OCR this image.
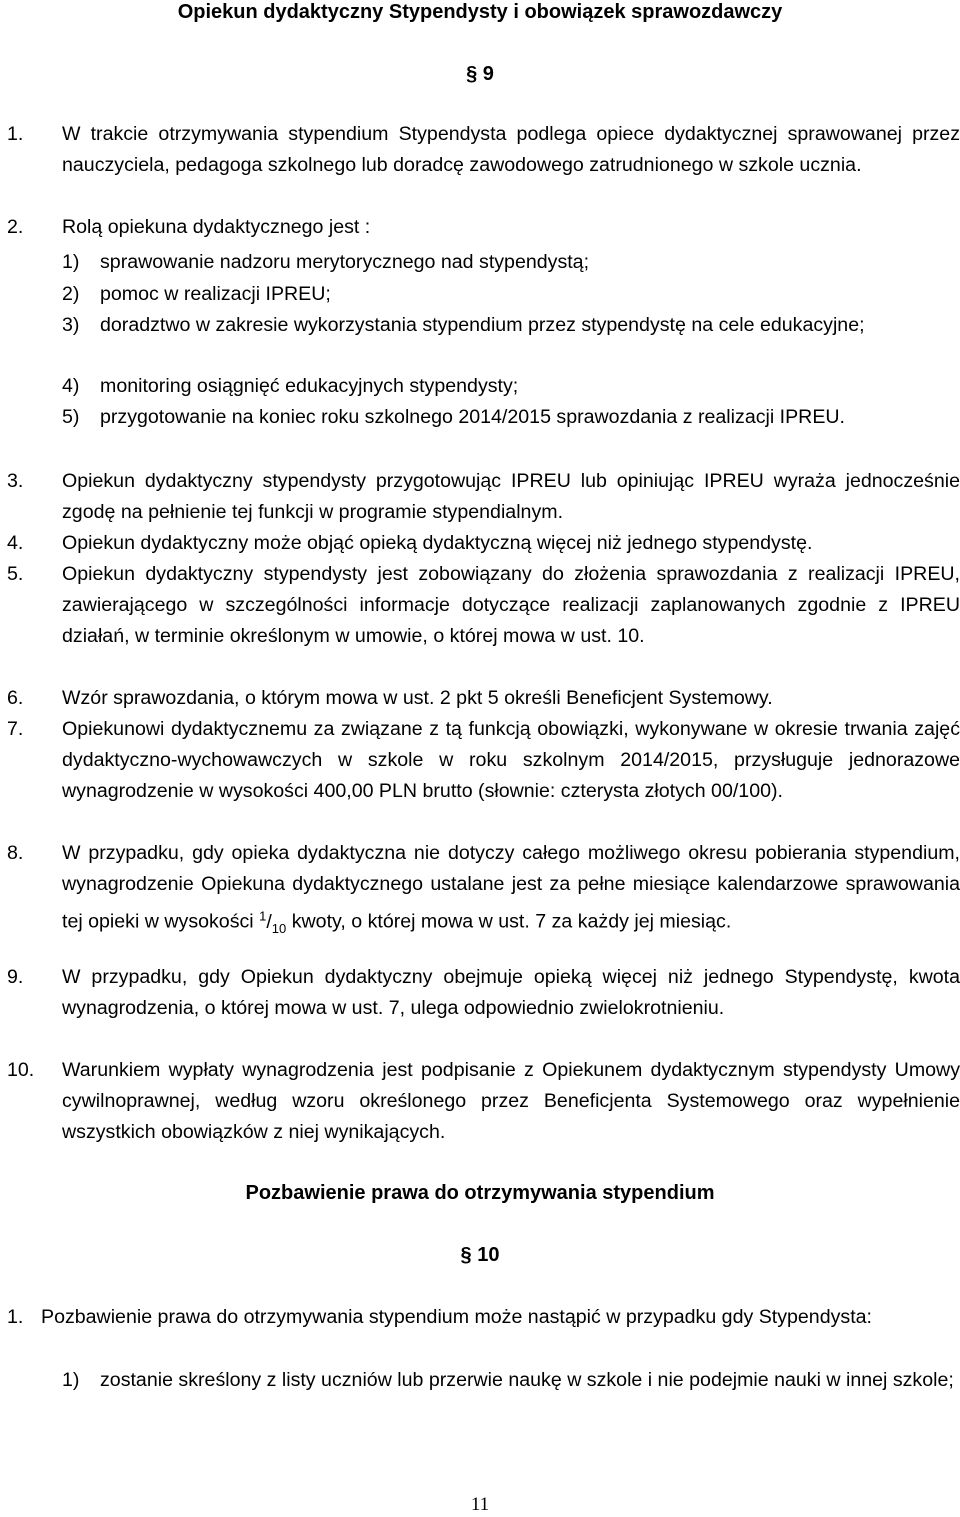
Opiekun dydaktyczny Stypendysty i obowiązek sprawozdawczy
§ 9
1. W trakcie otrzymywania stypendium Stypendysta podlega opiece dydaktycznej sprawowanej przez nauczyciela, pedagoga szkolnego lub doradcę zawodowego zatrudnionego w szkole ucznia.
2. Rolą opiekuna dydaktycznego jest :
1) sprawowanie nadzoru merytorycznego nad stypendystą;
2) pomoc w realizacji IPREU;
3) doradztwo w zakresie wykorzystania stypendium przez stypendystę na cele edukacyjne;
4) monitoring osiągnięć edukacyjnych stypendysty;
5) przygotowanie na koniec roku szkolnego 2014/2015 sprawozdania z realizacji IPREU.
3. Opiekun dydaktyczny stypendysty przygotowując IPREU lub opiniując IPREU wyraża jednocześnie zgodę na pełnienie tej funkcji w programie stypendialnym.
4. Opiekun dydaktyczny może objąć opieką dydaktyczną więcej niż jednego stypendystę.
5. Opiekun dydaktyczny stypendysty jest zobowiązany do złożenia sprawozdania z realizacji IPREU, zawierającego w szczególności informacje dotyczące realizacji zaplanowanych zgodnie z IPREU działań, w terminie określonym w umowie, o której mowa w ust. 10.
6. Wzór sprawozdania, o którym mowa w ust. 2 pkt 5 określi Beneficjent Systemowy.
7. Opiekunowi dydaktycznemu za związane z tą funkcją obowiązki, wykonywane w okresie trwania zajęć dydaktyczno-wychowawczych w szkole w roku szkolnym 2014/2015, przysługuje jednorazowe wynagrodzenie w wysokości 400,00 PLN brutto (słownie: czterysta złotych 00/100).
8. W przypadku, gdy opieka dydaktyczna nie dotyczy całego możliwego okresu pobierania stypendium, wynagrodzenie Opiekuna dydaktycznego ustalane jest za pełne miesiące kalendarzowe sprawowania tej opieki w wysokości $^1/_{10}$ kwoty, o której mowa w ust. 7 za każdy jej miesiąc.
9. W przypadku, gdy Opiekun dydaktyczny obejmuje opieką więcej niż jednego Stypendystę, kwota wynagrodzenia, o której mowa w ust. 7, ulega odpowiednio zwielokrotnieniu.
10. Warunkiem wypłaty wynagrodzenia jest podpisanie z Opiekunem dydaktycznym stypendysty Umowy cywilnoprawnej, według wzoru określonego przez Beneficjenta Systemowego oraz wypełnienie wszystkich obowiązków z niej wynikających.
Pozbawienie prawa do otrzymywania stypendium
§ 10
1. Pozbawienie prawa do otrzymywania stypendium może nastąpić w przypadku gdy Stypendysta:
1) zostanie skreślony z listy uczniów lub przerwie naukę w szkole i nie podejmie nauki w innej szkole;
11
